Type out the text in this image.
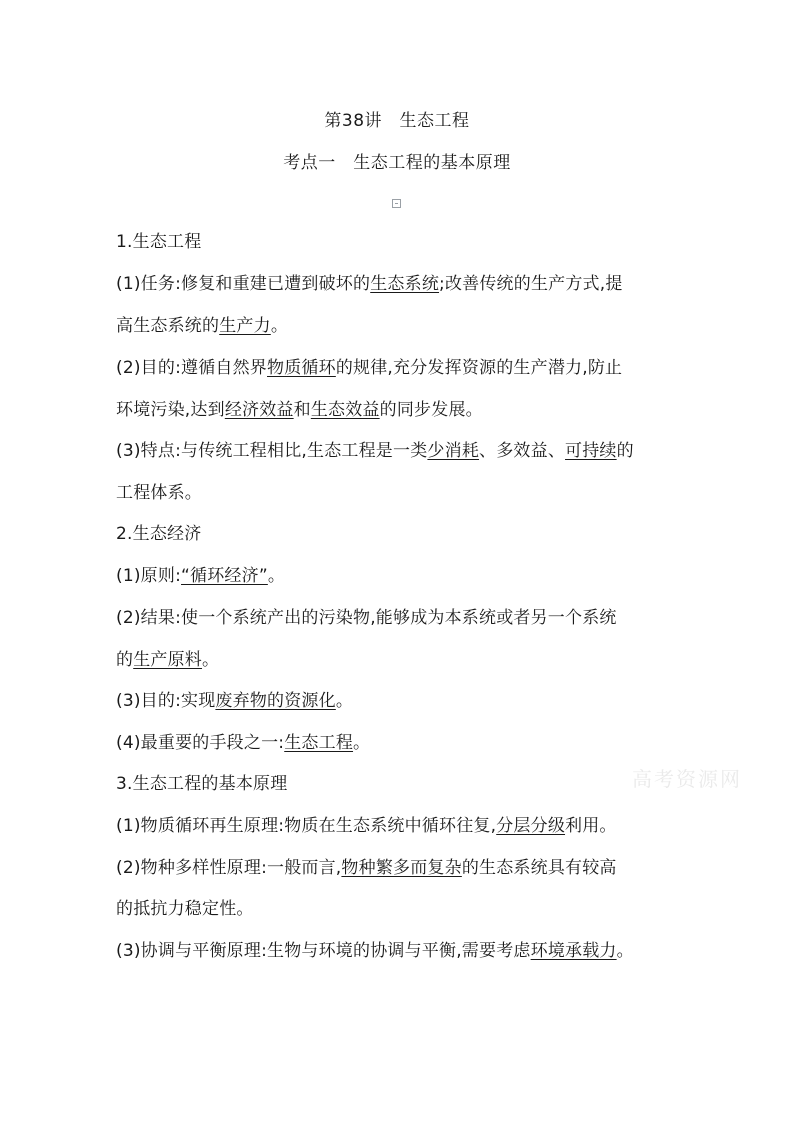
第38讲　生态工程
考点一　生态工程的基本原理
1.生态工程
(1)任务:修复和重建已遭到破坏的生态系统;改善传统的生产方式,提
高生态系统的生产力。
(2)目的:遵循自然界物质循环的规律,充分发挥资源的生产潜力,防止
环境污染,达到经济效益和生态效益的同步发展。
(3)特点:与传统工程相比,生态工程是一类少消耗、多效益、可持续的
工程体系。
2.生态经济
(1)原则:“循环经济”。
(2)结果:使一个系统产出的污染物,能够成为本系统或者另一个系统
的生产原料。
(3)目的:实现废弃物的资源化。
(4)最重要的手段之一:生态工程。
3.生态工程的基本原理
(1)物质循环再生原理:物质在生态系统中循环往复,分层分级利用。
(2)物种多样性原理:一般而言,物种繁多而复杂的生态系统具有较高
的抵抗力稳定性。
(3)协调与平衡原理:生物与环境的协调与平衡,需要考虑环境承载力。
高考资源网
